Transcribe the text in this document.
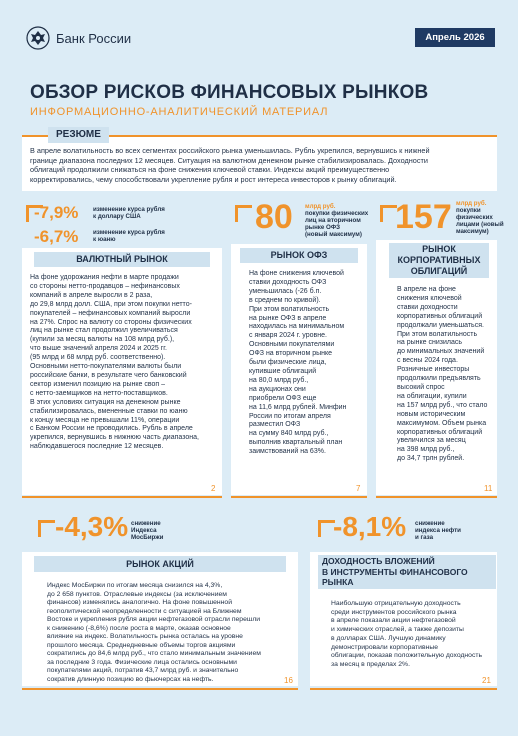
Банк России	Апрель 2026
ОБЗОР РИСКОВ ФИНАНСОВЫХ РЫНКОВ
ИНФОРМАЦИОННО-АНАЛИТИЧЕСКИЙ МАТЕРИАЛ
РЕЗЮМЕ
В апреле волатильность во всех сегментах российского рынка уменьшилась. Рубль укрепился, вернувшись к нижней
границе диапазона последних 12 месяцев. Ситуация на валютном денежном рынке стабилизировалась. Доходности
облигаций продолжили снижаться на фоне снижения ключевой ставки. Индексы акций преимущественно
корректировались, чему способствовали укрепление рубля и рост интереса инвесторов к рынку облигаций.
-7,9% изменение курса рубля
к доллару США
-6,7% изменение курса рубля
к юаню
ВАЛЮТНЫЙ РЫНОК
На фоне удорожания нефти в марте продажи
со стороны нетто-продавцов – нефинансовых
компаний в апреле выросли в 2 раза,
до 29,8 млрд долл. США, при этом покупки нетто-
покупателей – нефинансовых компаний выросли
на 27%. Спрос на валюту со стороны физических
лиц на рынке стал продолжил увеличиваться
(купили за месяц валюты на 108 млрд руб.),
что выше значений апреля 2024 и 2025 гг.
(95 млрд и 68 млрд руб. соответственно).
Основными нетто-покупателями валюты были
российские банки, в результате чего банковский
сектор изменил позицию на рынке своп –
с нетто-заемщиков на нетто-поставщиков.
В этих условиях ситуация на денежном рынке
стабилизировалась, вмененные ставки по юаню
к концу месяца не превышали 11%, операции
с Банком России не проводились. Рубль в апреле
укрепился, вернувшись в нижнюю часть диапазона,
наблюдавшегося последние 12 месяцев.
2
80 млрд руб.
покупки физических
лиц на вторичном
рынке ОФЗ
(новый максимум)
РЫНОК ОФЗ
На фоне снижения ключевой
ставки доходность ОФЗ
уменьшилась (-26 б.п.
в среднем по кривой).
При этом волатильность
на рынке ОФЗ в апреле
находилась на минимальном
с января 2024 г. уровне.
Основными покупателями
ОФЗ на вторичном рынке
были физические лица,
купившие облигаций
на 80,0 млрд руб.,
на аукционах они
приобрели ОФЗ еще
на 11,6 млрд рублей. Минфин
России по итогам апреля
разместил ОФЗ
на сумму 840 млрд руб.,
выполнив квартальный план
заимствований на 63%.
7
157 млрд руб.
покупки
физических
лицами (новый
максимум)
РЫНОК
КОРПОРАТИВНЫХ
ОБЛИГАЦИЙ
В апреле на фоне
снижения ключевой
ставки доходности
корпоративных облигаций
продолжали уменьшаться.
При этом волатильность
на рынке снизилась
до минимальных значений
с весны 2024 года.
Розничные инвесторы
продолжили предъявлять
высокий спрос
на облигации, купили
на 157 млрд руб., что стало
новым историческим
максимумом. Объем рынка
корпоративных облигаций
увеличился за месяц
на 398 млрд руб.,
до 34,7 трлн рублей.
11
-4,3% снижение
Индекса
МосБиржи
РЫНОК АКЦИЙ
Индекс МосБиржи по итогам месяца снизился на 4,3%,
до 2 658 пунктов. Отраслевые индексы (за исключением
финансов) изменялись аналогично. На фоне повышенной
геополитической неопределенности с ситуацией на Ближнем
Востоке и укрепления рубля акции нефтегазовой отрасли перешли
к снижению (-8,6%) после роста в марте, оказав основное
влияние на индекс. Волатильность рынка осталась на уровне
прошлого месяца. Среднедневные объемы торгов акциями
сократились до 84,6 млрд руб., что стало минимальным значением
за последние 3 года. Физические лица остались основными
покупателями акций, потратив 43,7 млрд руб. и значительно
сократив длинную позицию во фьючерсах на нефть.	16
-8,1% снижение
индекса нефти
и газа
ДОХОДНОСТЬ ВЛОЖЕНИЙ
В ИНСТРУМЕНТЫ ФИНАНСОВОГО
РЫНКА
Наибольшую отрицательную доходность
среди инструментов российского рынка
в апреле показали акции нефтегазовой
и химических отраслей, а также депозиты
в долларах США. Лучшую динамику
демонстрировали корпоративные
облигации, показав положительную доходность
за месяц в пределах 2%.
21
